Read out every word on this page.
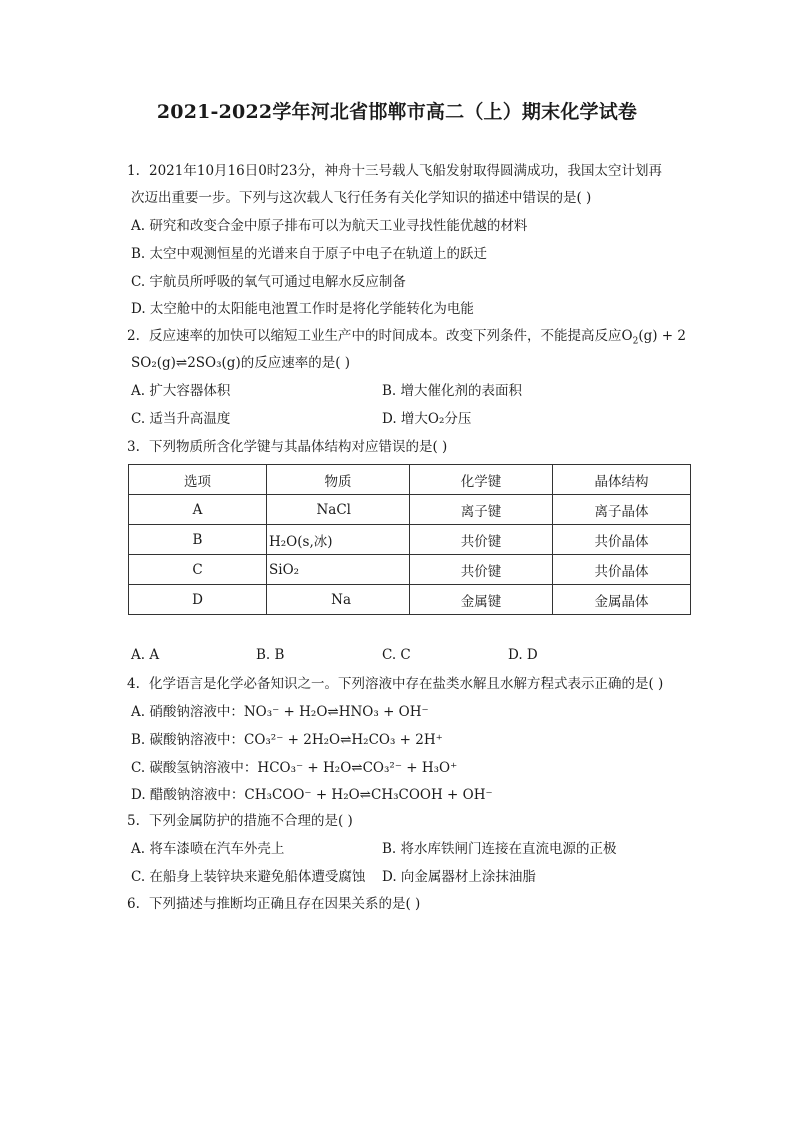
2021-2022学年河北省邯郸市高二（上）期末化学试卷
1. 2021年10月16日0时23分，神舟十三号载人飞船发射取得圆满成功，我国太空计划再
次迈出重要一步。下列与这次载人飞行任务有关化学知识的描述中错误的是( )
A. 研究和改变合金中原子排布可以为航天工业寻找性能优越的材料
B. 太空中观测恒星的光谱来自于原子中电子在轨道上的跃迁
C. 宇航员所呼吸的氧气可通过电解水反应制备
D. 太空舱中的太阳能电池置工作时是将化学能转化为电能
2. 反应速率的加快可以缩短工业生产中的时间成本。改变下列条件，不能提高反应$O_2(g) + 2$
SO₂(g)⇌2SO₃(g)的反应速率的是( )
A. 扩大容器体积	B. 增大催化剂的表面积
C. 适当升高温度	D. 增大O₂分压
3. 下列物质所含化学键与其晶体结构对应错误的是( )
选项	物质	化学键	晶体结构
A	NaCl	离子键	离子晶体
B	H₂O(s,冰)	共价键	共价晶体
C	SiO₂	共价键	共价晶体
D	Na	金属键	金属晶体
A. A	B. B	C. C	D. D
4. 化学语言是化学必备知识之一。下列溶液中存在盐类水解且水解方程式表示正确的是( )
A. 硝酸钠溶液中：NO₃⁻ + H₂O⇌HNO₃ + OH⁻
B. 碳酸钠溶液中：CO₃²⁻ + 2H₂O⇌H₂CO₃ + 2H⁺
C. 碳酸氢钠溶液中：HCO₃⁻ + H₂O⇌CO₃²⁻ + H₃O⁺
D. 醋酸钠溶液中：CH₃COO⁻ + H₂O⇌CH₃COOH + OH⁻
5. 下列金属防护的措施不合理的是( )
A. 将车漆喷在汽车外壳上	B. 将水库铁闸门连接在直流电源的正极
C. 在船身上装锌块来避免船体遭受腐蚀 D. 向金属器材上涂抹油脂
6. 下列描述与推断均正确且存在因果关系的是( )
